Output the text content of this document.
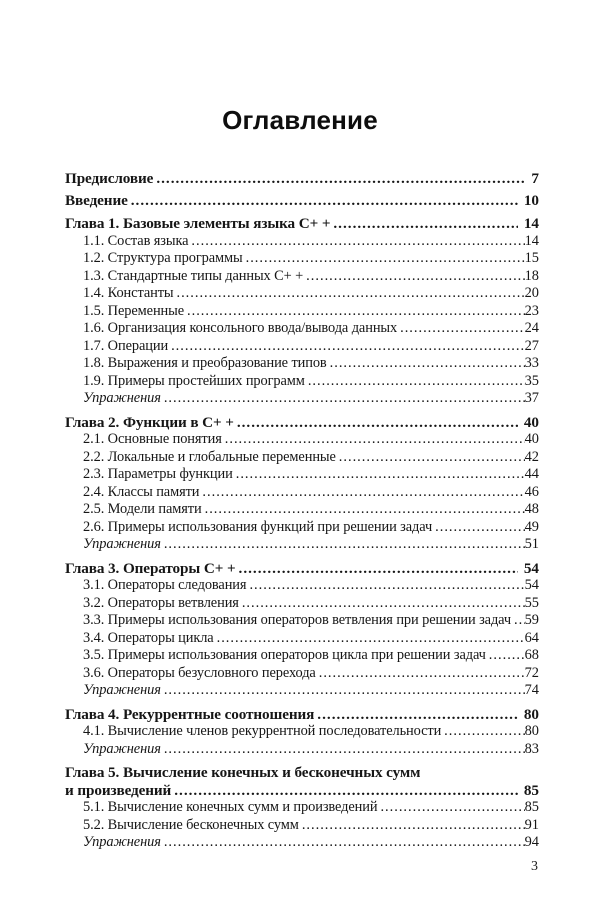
Оглавление
Предисловие .....	7
Введение .....	10
Глава 1. Базовые элементы языка C+ + .....	14
1.1. Состав языка .....	14
1.2. Структура программы .....	15
1.3. Стандартные типы данных C+ + .....	18
1.4. Константы .....	20
1.5. Переменные .....	23
1.6. Организация консольного ввода/вывода данных .....	24
1.7. Операции .....	27
1.8. Выражения и преобразование типов .....	33
1.9. Примеры простейших программ .....	35
Упражнения .....	37
Глава 2. Функции в C+ + .....	40
2.1. Основные понятия .....	40
2.2. Локальные и глобальные переменные .....	42
2.3. Параметры функции .....	44
2.4. Классы памяти .....	46
2.5. Модели памяти .....	48
2.6. Примеры использования функций при решении задач .....	49
Упражнения .....	51
Глава 3. Операторы C+ + .....	54
3.1. Операторы следования .....	54
3.2. Операторы ветвления .....	55
3.3. Примеры использования операторов ветвления при решении задач ..... 59
3.4. Операторы цикла .....	64
3.5. Примеры использования операторов цикла при решении задач .....	68
3.6. Операторы безусловного перехода .....	72
Упражнения .....	74
Глава 4. Рекуррентные соотношения .....	80
4.1. Вычисление членов рекуррентной последовательности .....	80
Упражнения .....	83
Глава 5. Вычисление конечных и бесконечных сумм
и произведений .....	85
5.1. Вычисление конечных сумм и произведений .....	85
5.2. Вычисление бесконечных сумм .....	91
Упражнения .....	94
3
